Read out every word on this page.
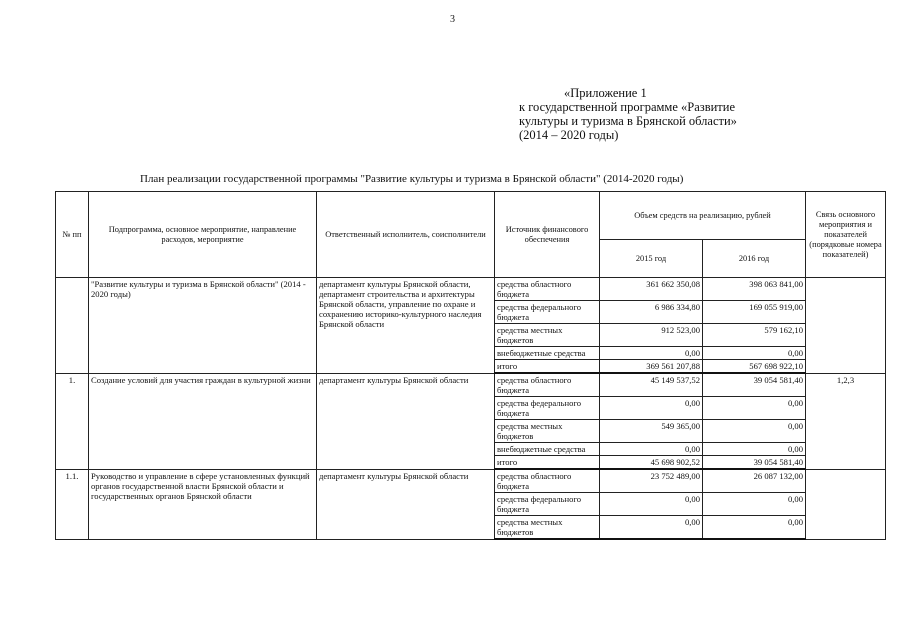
3
«Приложение 1
к государственной программе «Развитие
культуры и туризма в Брянской области»
(2014 – 2020 годы)
План реализации государственной программы "Развитие культуры и туризма в Брянской области" (2014-2020 годы)
№ пп	Подпрограмма, основное мероприятие, направление расходов, мероприятие	Ответственный исполнитель, соисполнители	Источник финансового обеспечения	Объем средств на реализацию, рублей		Связь основного мероприятия и показателей (порядковые номера показателей)
				2015 год	2016 год	
	"Развитие культуры и туризма в Брянской области" (2014 - 2020 годы)	департамент культуры Брянской области, департамент строительства и архитектуры Брянской области, управление по охране и сохранению историко-культурного наследия Брянской области	средства областного бюджета	361 662 350,08	398 063 841,00	
			средства федерального бюджета	6 986 334,80	169 055 919,00	
			средства местных бюджетов	912 523,00	579 162,10	
			внебюджетные средства	0,00	0,00	
			итого	369 561 207,88	567 698 922,10	
1.	Создание условий для участия граждан в культурной жизни	департамент культуры Брянской области	средства областного бюджета	45 149 537,52	39 054 581,40	1,2,3
			средства федерального бюджета	0,00	0,00	
			средства местных бюджетов	549 365,00	0,00	
			внебюджетные средства	0,00	0,00	
			итого	45 698 902,52	39 054 581,40	
1.1.	Руководство и управление в сфере установленных функций органов государственной власти Брянской области и государственных органов Брянской области	департамент культуры Брянской области	средства областного бюджета	23 752 489,00	26 087 132,00	
			средства федерального бюджета	0,00	0,00	
			средства местных бюджетов	0,00	0,00	
